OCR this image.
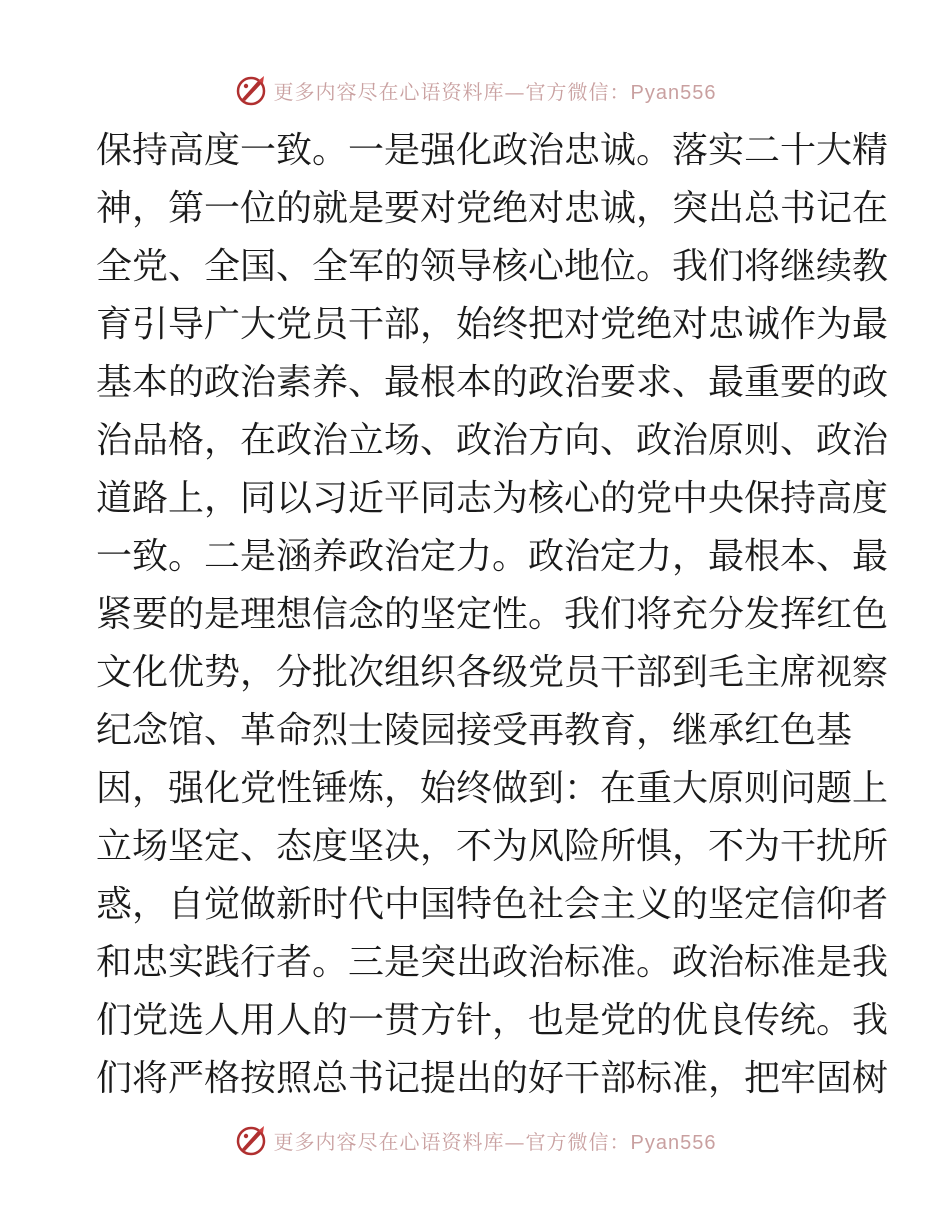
更多内容尽在心语资料库—官方微信：Pyan556
保持高度一致。一是强化政治忠诚。落实二十大精
神，第一位的就是要对党绝对忠诚，突出总书记在
全党、全国、全军的领导核心地位。我们将继续教
育引导广大党员干部，始终把对党绝对忠诚作为最
基本的政治素养、最根本的政治要求、最重要的政
治品格，在政治立场、政治方向、政治原则、政治
道路上，同以习近平同志为核心的党中央保持高度
一致。二是涵养政治定力。政治定力，最根本、最
紧要的是理想信念的坚定性。我们将充分发挥红色
文化优势，分批次组织各级党员干部到毛主席视察
纪念馆、革命烈士陵园接受再教育，继承红色基
因，强化党性锤炼，始终做到：在重大原则问题上
立场坚定、态度坚决，不为风险所惧，不为干扰所
惑，自觉做新时代中国特色社会主义的坚定信仰者
和忠实践行者。三是突出政治标准。政治标准是我
们党选人用人的一贯方针，也是党的优良传统。我
们将严格按照总书记提出的好干部标准，把牢固树
更多内容尽在心语资料库—官方微信：Pyan556
